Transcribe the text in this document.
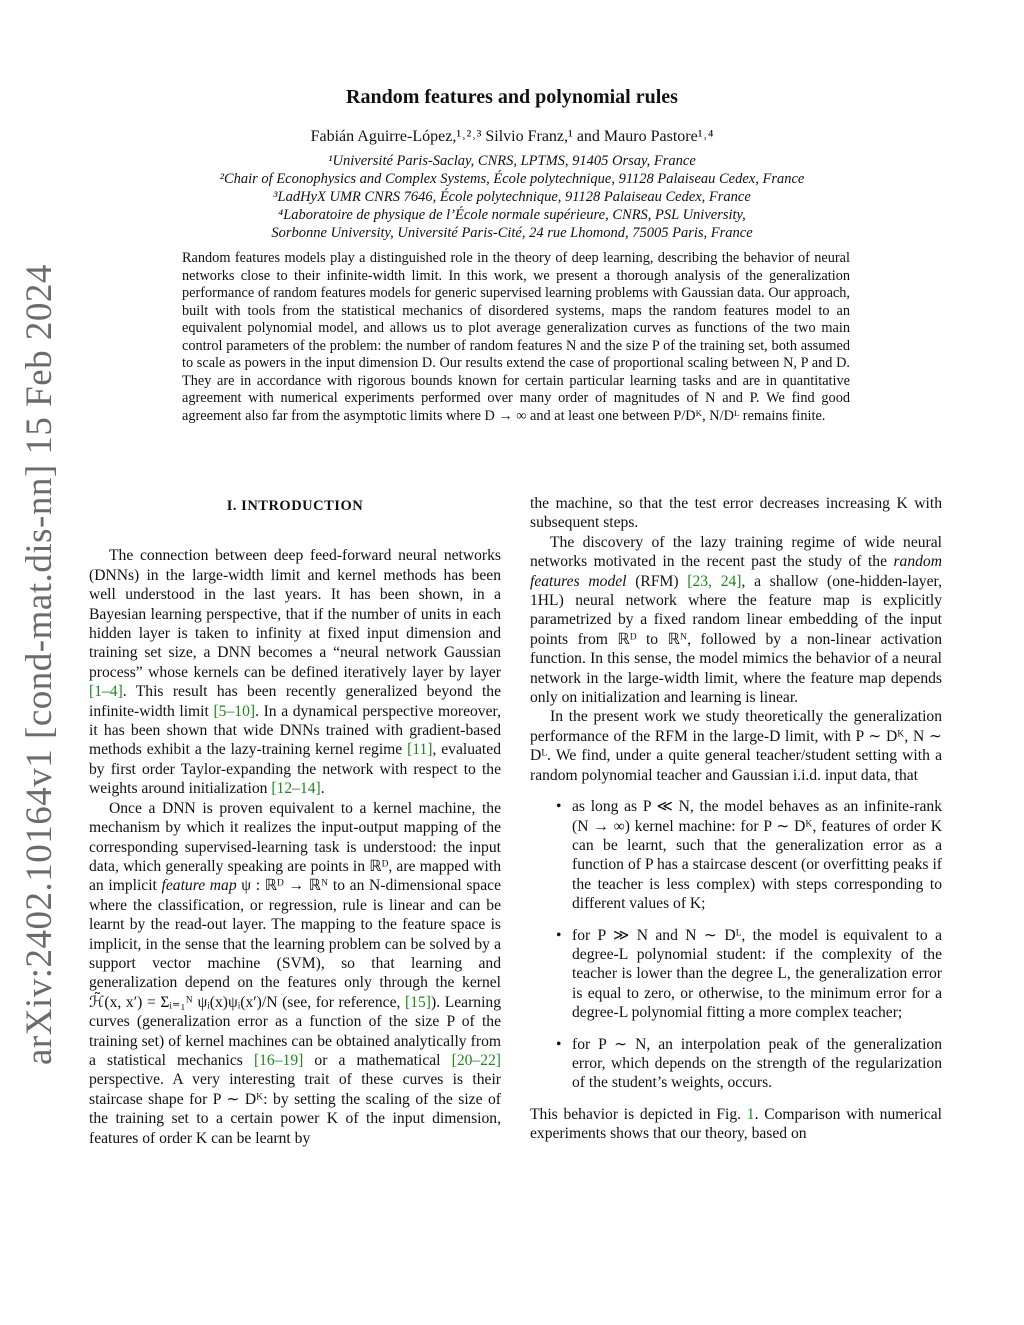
arXiv:2402.10164v1 [cond-mat.dis-nn] 15 Feb 2024
Random features and polynomial rules
Fabián Aguirre-López,¹˒²˒³ Silvio Franz,¹ and Mauro Pastore¹˒⁴
¹Université Paris-Saclay, CNRS, LPTMS, 91405 Orsay, France
²Chair of Econophysics and Complex Systems, École polytechnique, 91128 Palaiseau Cedex, France
³LadHyX UMR CNRS 7646, École polytechnique, 91128 Palaiseau Cedex, France
⁴Laboratoire de physique de l’École normale supérieure, CNRS, PSL University,
Sorbonne University, Université Paris-Cité, 24 rue Lhomond, 75005 Paris, France
Random features models play a distinguished role in the theory of deep learning, describing the behavior of neural networks close to their infinite-width limit. In this work, we present a thorough analysis of the generalization performance of random features models for generic supervised learning problems with Gaussian data. Our approach, built with tools from the statistical mechanics of disordered systems, maps the random features model to an equivalent polynomial model, and allows us to plot average generalization curves as functions of the two main control parameters of the problem: the number of random features N and the size P of the training set, both assumed to scale as powers in the input dimension D. Our results extend the case of proportional scaling between N, P and D. They are in accordance with rigorous bounds known for certain particular learning tasks and are in quantitative agreement with numerical experiments performed over many order of magnitudes of N and P. We find good agreement also far from the asymptotic limits where D → ∞ and at least one between P/Dᴷ, N/Dᴸ remains finite.
I. INTRODUCTION

The connection between deep feed-forward neural networks (DNNs) in the large-width limit and kernel methods has been well understood in the last years. It has been shown, in a Bayesian learning perspective, that if the number of units in each hidden layer is taken to infinity at fixed input dimension and training set size, a DNN becomes a “neural network Gaussian process” whose kernels can be defined iteratively layer by layer [1–4]. This result has been recently generalized beyond the infinite-width limit [5–10]. In a dynamical perspective moreover, it has been shown that wide DNNs trained with gradient-based methods exhibit a the lazy-training kernel regime [11], evaluated by first order Taylor-expanding the network with respect to the weights around initialization [12–14].

Once a DNN is proven equivalent to a kernel machine, the mechanism by which it realizes the input-output mapping of the corresponding supervised-learning task is understood: the input data, which generally speaking are points in ℝᴰ, are mapped with an implicit feature map ψ : ℝᴰ → ℝᴺ to an N-dimensional space where the classification, or regression, rule is linear and can be learnt by the read-out layer. The mapping to the feature space is implicit, in the sense that the learning problem can be solved by a support vector machine (SVM), so that learning and generalization depend on the features only through the kernel ℋ̃(x, x′) = Σᵢ₌₁ᴺ ψᵢ(x)ψᵢ(x′)/N (see, for reference, [15]). Learning curves (generalization error as a function of the size P of the training set) of kernel machines can be obtained analytically from a statistical mechanics [16–19] or a mathematical [20–22] perspective. A very interesting trait of these curves is their staircase shape for P ∼ Dᴷ: by setting the scaling of the size of the training set to a certain power K of the input dimension, features of order K can be learnt by

the machine, so that the test error decreases increasing K with subsequent steps.

The discovery of the lazy training regime of wide neural networks motivated in the recent past the study of the random features model (RFM) [23, 24], a shallow (one-hidden-layer, 1HL) neural network where the feature map is explicitly parametrized by a fixed random linear embedding of the input points from ℝᴰ to ℝᴺ, followed by a non-linear activation function. In this sense, the model mimics the behavior of a neural network in the large-width limit, where the feature map depends only on initialization and learning is linear.

In the present work we study theoretically the generalization performance of the RFM in the large-D limit, with P ∼ Dᴷ, N ∼ Dᴸ. We find, under a quite general teacher/student setting with a random polynomial teacher and Gaussian i.i.d. input data, that

• as long as P ≪ N, the model behaves as an infinite-rank (N → ∞) kernel machine: for P ∼ Dᴷ, features of order K can be learnt, such that the generalization error as a function of P has a staircase descent (or overfitting peaks if the teacher is less complex) with steps corresponding to different values of K;
• for P ≫ N and N ∼ Dᴸ, the model is equivalent to a degree-L polynomial student: if the complexity of the teacher is lower than the degree L, the generalization error is equal to zero, or otherwise, to the minimum error for a degree-L polynomial fitting a more complex teacher;
• for P ∼ N, an interpolation peak of the generalization error, which depends on the strength of the regularization of the student’s weights, occurs.

This behavior is depicted in Fig. 1. Comparison with numerical experiments shows that our theory, based on
